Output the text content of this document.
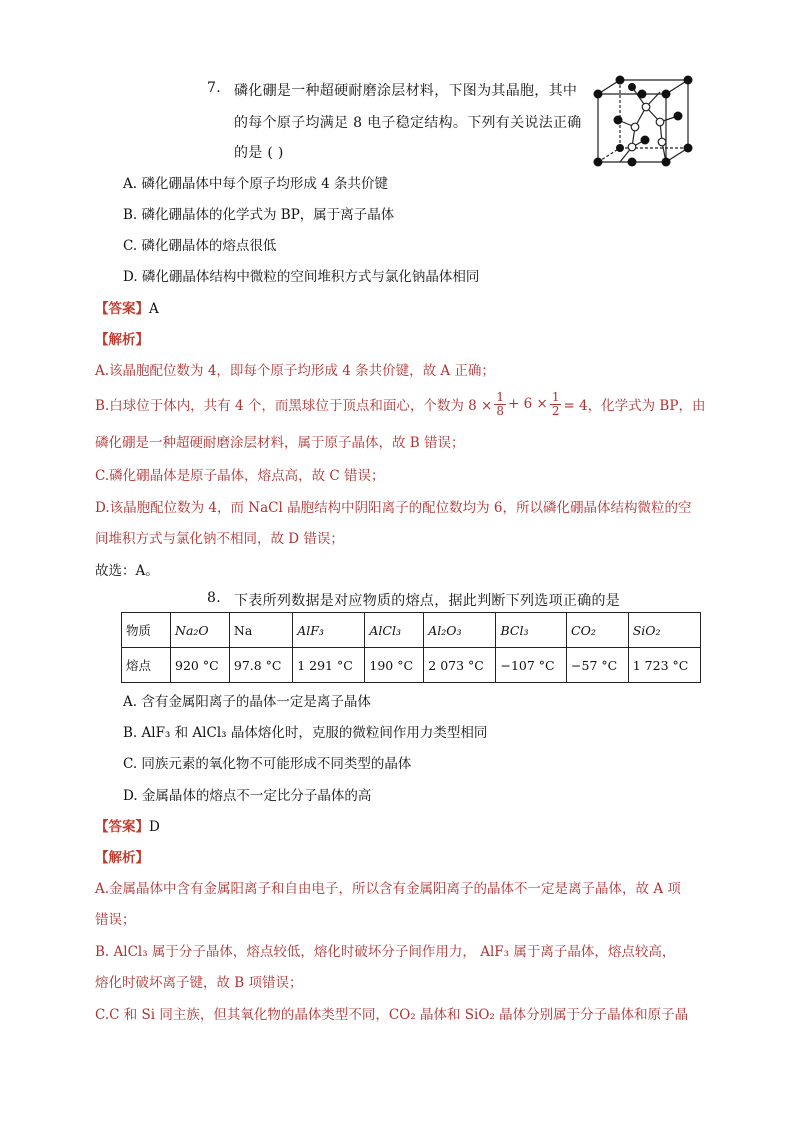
7. 磷化硼是一种超硬耐磨涂层材料，下图为其晶胞，其中
的每个原子均满足 8 电子稳定结构。下列有关说法正确
的是 ( )
A. 磷化硼晶体中每个原子均形成 4 条共价键
B. 磷化硼晶体的化学式为 BP，属于离子晶体
C. 磷化硼晶体的熔点很低
D. 磷化硼晶体结构中微粒的空间堆积方式与氯化钠晶体相同
【答案】A
【解析】
A.该晶胞配位数为 4，即每个原子均形成 4 条共价键，故 A 正确；
B.白球位于体内，共有 4 个，而黑球位于顶点和面心，个数为 $8 \times \frac{1}{8} + 6 \times \frac{1}{2} = 4$，化学式为 BP，由
磷化硼是一种超硬耐磨涂层材料，属于原子晶体，故 B 错误；
C.磷化硼晶体是原子晶体，熔点高，故 C 错误；
D.该晶胞配位数为 4，而 NaCl 晶胞结构中阴阳离子的配位数均为 6，所以磷化硼晶体结构微粒的空
间堆积方式与氯化钠不相同，故 D 错误；
故选：A。
8. 下表所列数据是对应物质的熔点，据此判断下列选项正确的是
物质	Na₂O	Na	AlF₃	AlCl₃	Al₂O₃	BCl₃	CO₂	SiO₂
熔点	920 °C	97.8 °C	1 291 °C	190 °C	2 073 °C	−107 °C	−57 °C	1 723 °C
A. 含有金属阳离子的晶体一定是离子晶体
B. AlF₃ 和 AlCl₃ 晶体熔化时，克服的微粒间作用力类型相同
C. 同族元素的氧化物不可能形成不同类型的晶体
D. 金属晶体的熔点不一定比分子晶体的高
【答案】D
【解析】
A.金属晶体中含有金属阳离子和自由电子，所以含有金属阳离子的晶体不一定是离子晶体，故 A 项
错误；
B. AlCl₃ 属于分子晶体，熔点较低，熔化时破坏分子间作用力， AlF₃ 属于离子晶体，熔点较高，
熔化时破坏离子键，故 B 项错误；
C.C 和 Si 同主族，但其氧化物的晶体类型不同，CO₂ 晶体和 SiO₂ 晶体分别属于分子晶体和原子晶
